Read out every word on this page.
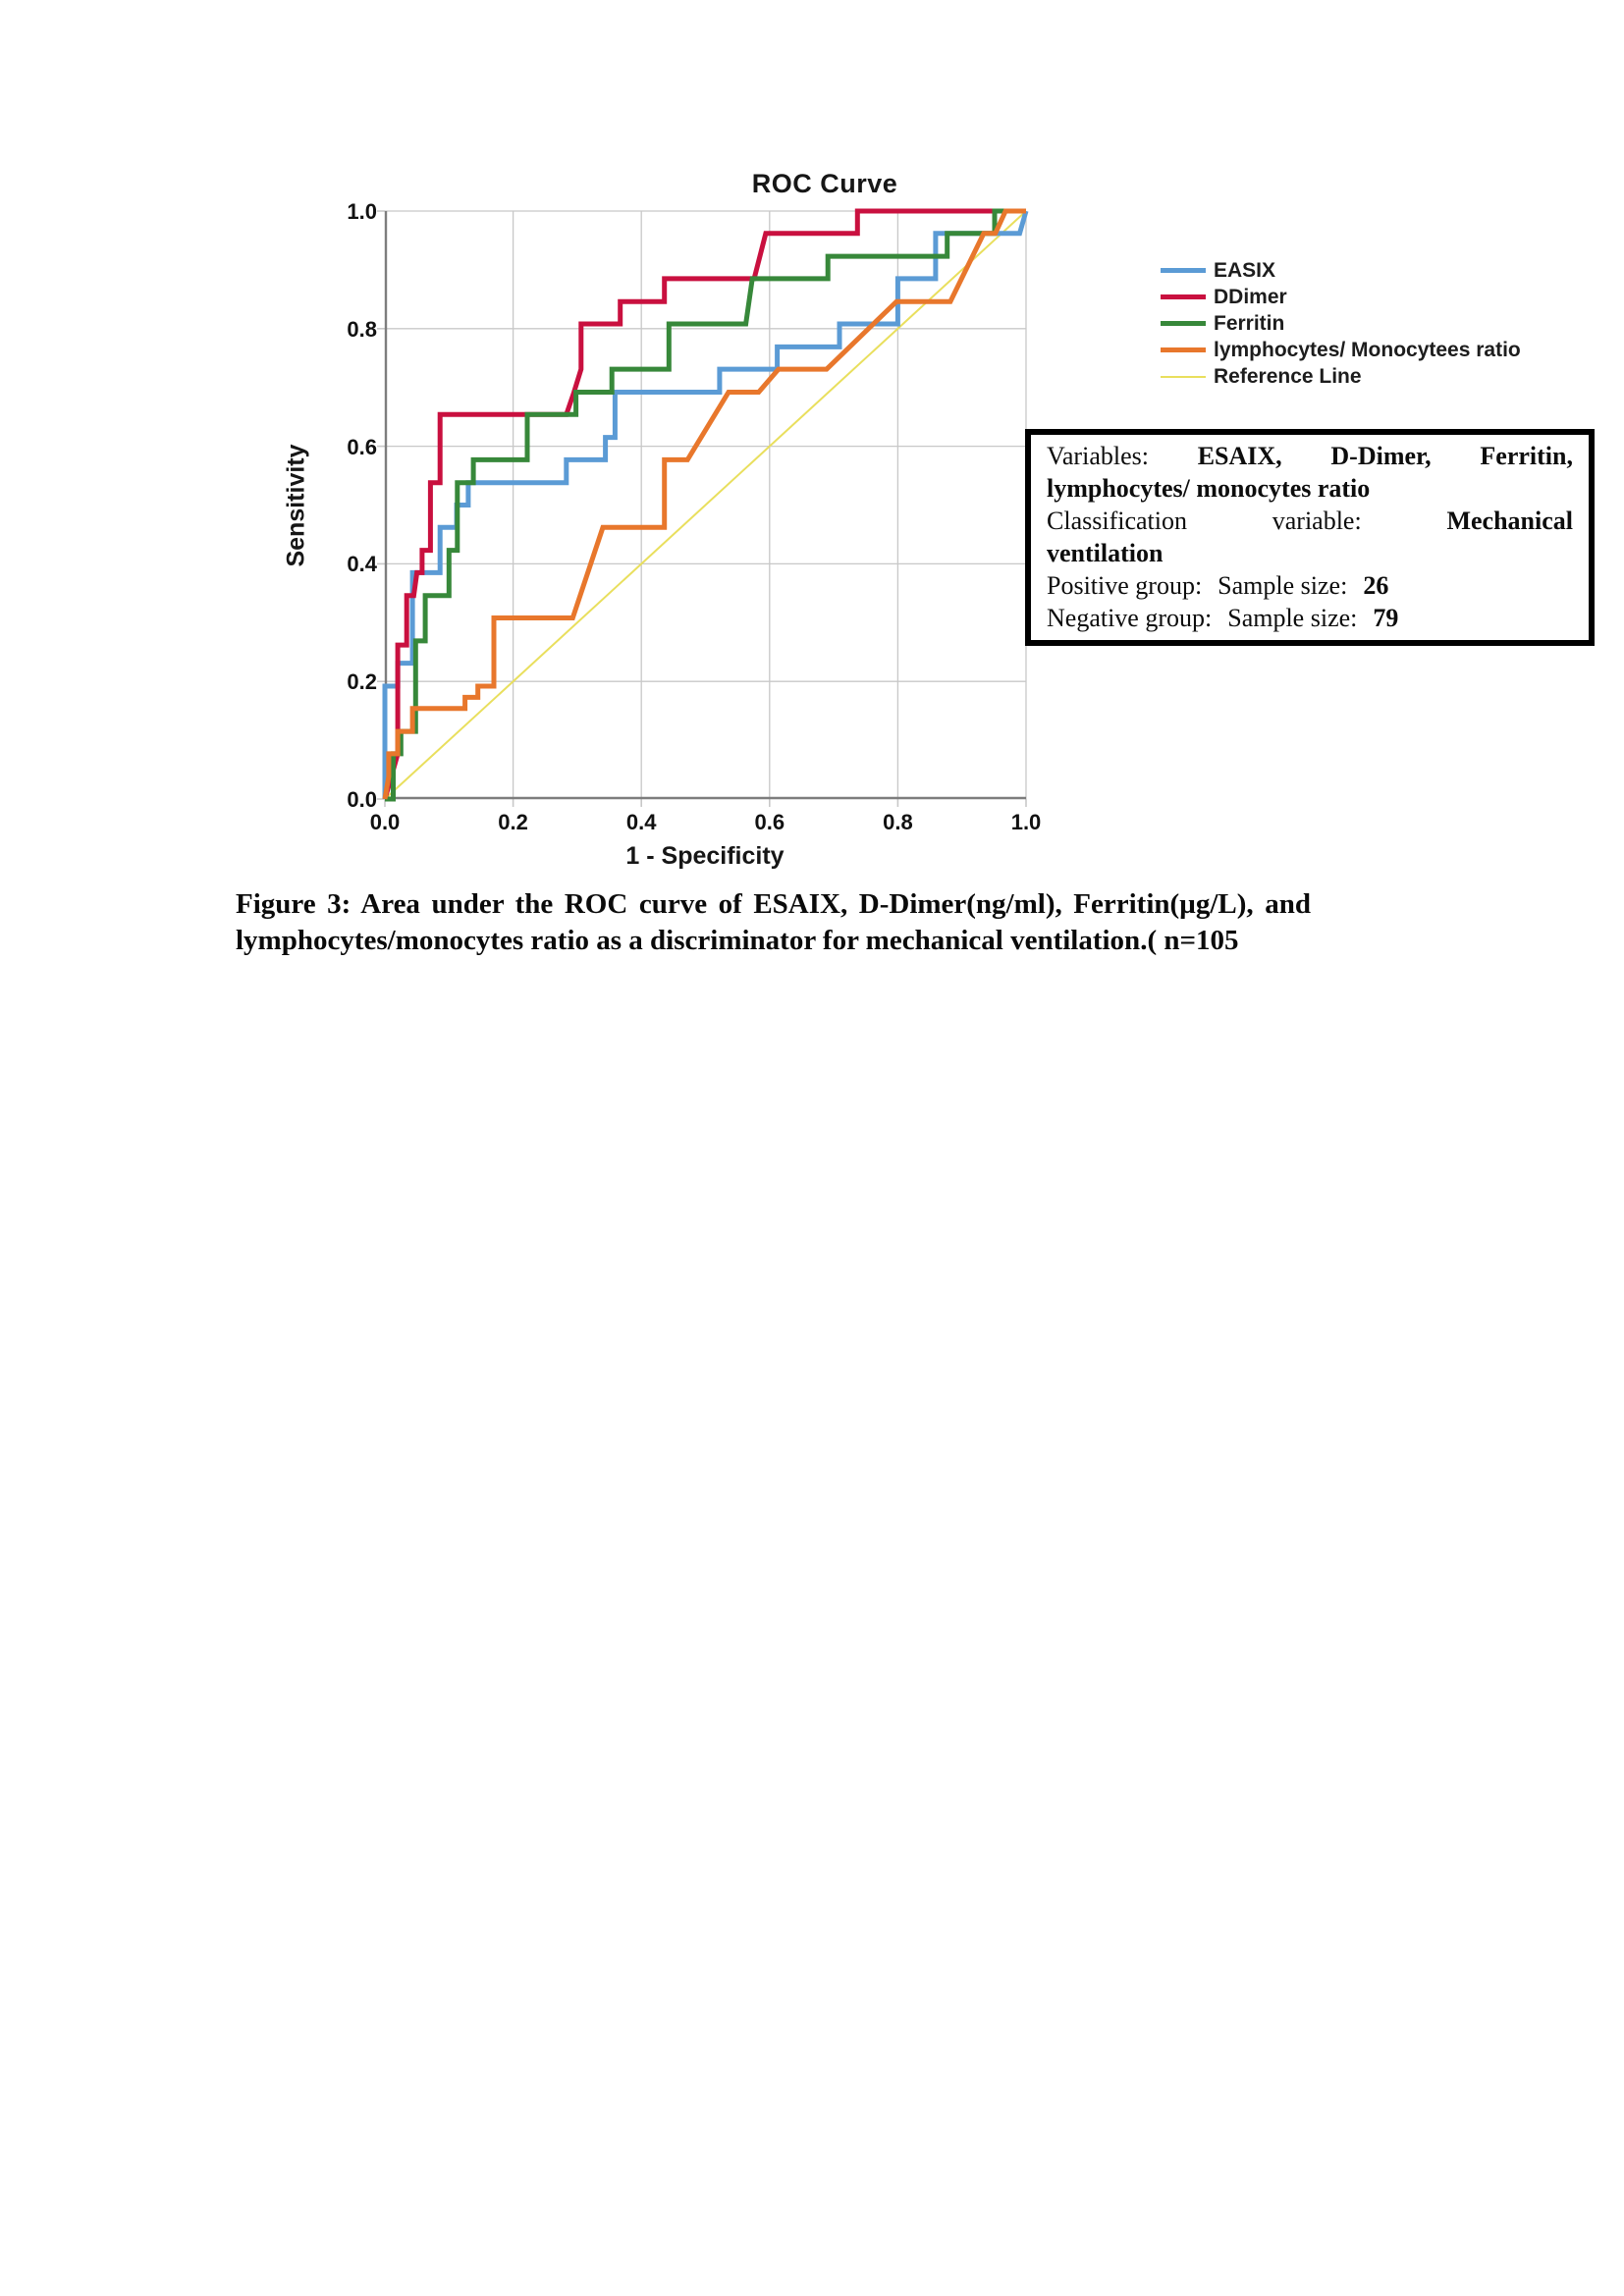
ROC Curve
0.0
0.2
0.4
0.6
0.8
1.0
0.0	0.2	0.4	0.6	0.8	1.0
Sensitivity
1 - Specificity
EASIX
DDimer
Ferritin
lymphocytes/ Monocytees ratio
Reference Line
Variables: ESAIX, D-Dimer, Ferritin,
lymphocytes/ monocytes ratio
Classification	variable:	Mechanical
ventilation
Positive group: Sample size: 26
Negative group: Sample size: 79
Figure 3: Area under the ROC curve of ESAIX, D-Dimer(ng/ml), Ferritin(µg/L), and
lymphocytes/monocytes ratio as a discriminator for mechanical ventilation.( n=105
